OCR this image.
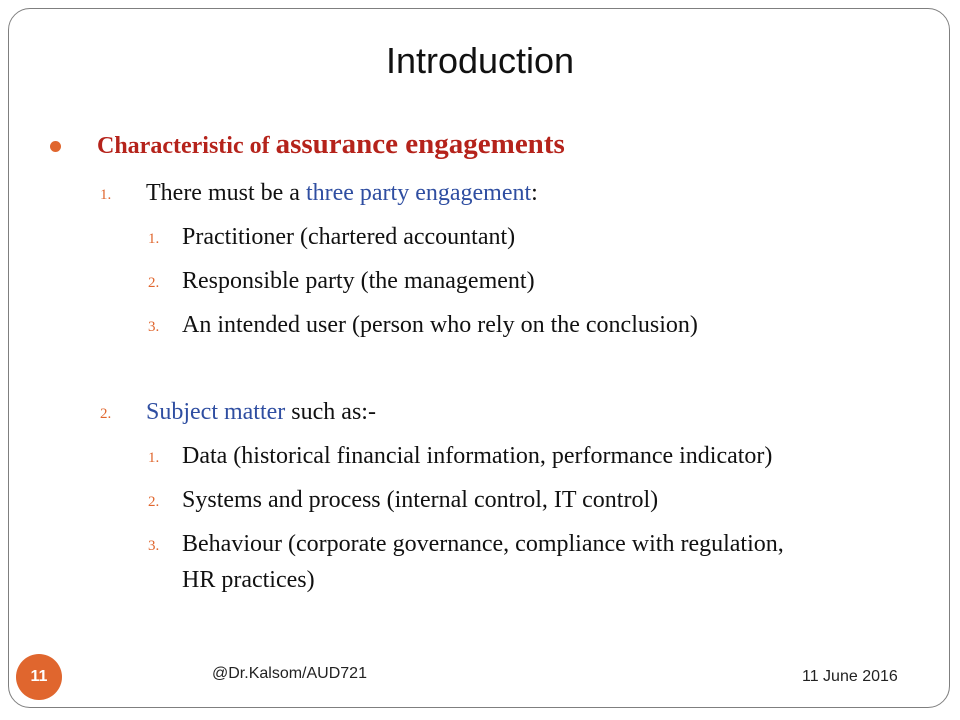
Introduction
Characteristic of assurance engagements
1. There must be a three party engagement:
1. Practitioner (chartered accountant)
2. Responsible party (the management)
3. An intended user (person who rely on the conclusion)
2. Subject matter such as:-
1. Data (historical financial information, performance indicator)
2. Systems and process (internal control, IT control)
3. Behaviour (corporate governance, compliance with regulation,
HR practices)
11	@Dr.Kalsom/AUD721	11 June 2016
